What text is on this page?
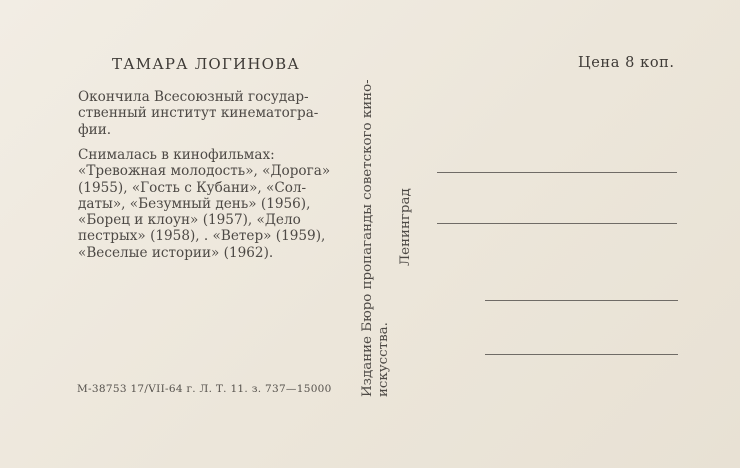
ТАМАРА ЛОГИНОВА	Цена 8 коп.

Окончила Всесоюзный государ-
ственный институт кинематогра-
фии.

Снималась в кинофильмах:
«Тревожная молодость», «Дорога»
(1955), «Гость с Кубани», «Сол-
даты», «Безумный день» (1956),
«Борец и клоун» (1957), «Дело
пестрых» (1958), . «Ветер» (1959),
«Веселые истории» (1962).

М-38753 17/VII-64 г. Л. Т. 11. з. 737—15000 Издание Бюро пропаганды советского кино- искусства.
Ленинград
